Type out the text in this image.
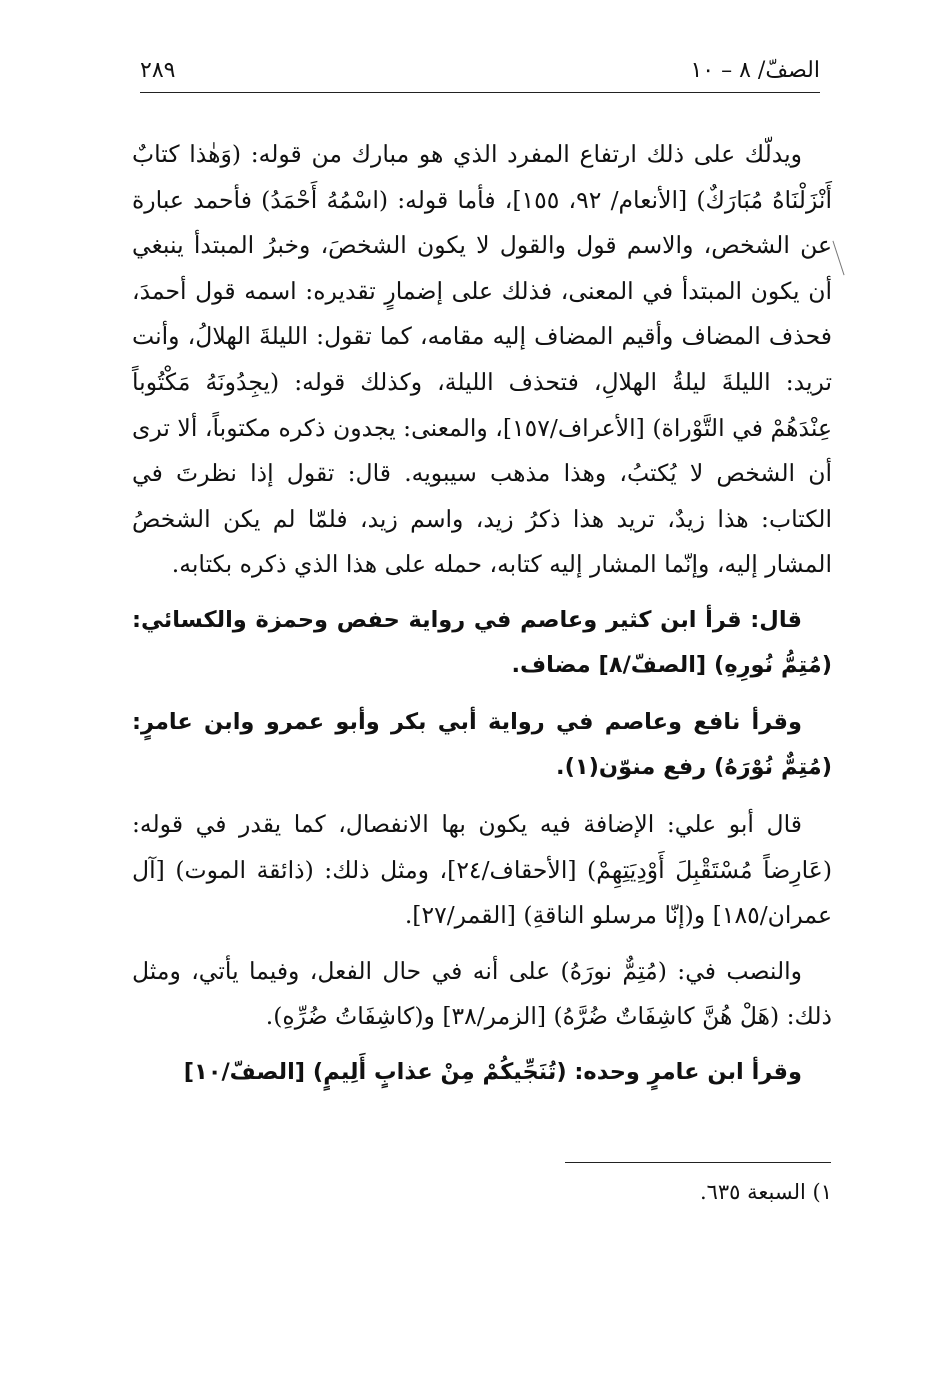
الصفّ/ ٨ – ١٠
٢٨٩

ويدلّك على ذلك ارتفاع المفرد الذي هو مبارك من قوله: (وَهٰذا كتابٌ أَنْزَلْنَاهُ مُبَارَكٌ) [الأنعام/ ٩٢، ١٥٥]، فأما قوله: (اسْمُهُ أَحْمَدُ) فأحمد عبارة عن الشخص، والاسم قول والقول لا يكون الشخصَ، وخبرُ المبتدأ ينبغي أن يكون المبتدأ في المعنى، فذلك على إضمارٍ تقديره: اسمه قول أحمدَ، فحذف المضاف وأقيم المضاف إليه مقامه، كما تقول: الليلةَ الهلالُ، وأنت تريد: الليلةَ ليلةُ الهلالِ، فتحذف الليلة، وكذلك قوله: (يجِدُونَهُ مَكْتُوباً عِنْدَهُمْ في التَّوْراة) [الأعراف/١٥٧]، والمعنى: يجدون ذكره مكتوباً، ألا ترى أن الشخص لا يُكتبُ، وهذا مذهب سيبويه. قال: تقول إذا نظرتَ في الكتاب: هذا زيدٌ، تريد هذا ذكرُ زيد، واسم زيد، فلمّا لم يكن الشخصُ المشار إليه، وإنّما المشار إليه كتابه، حمله على هذا الذي ذكره بكتابه.

قال: قرأ ابن كثير وعاصم في رواية حفص وحمزة والكسائي: (مُتِمُّ نُورِهِ) [الصفّ/٨] مضاف.

وقرأ نافع وعاصم في رواية أبي بكر وأبو عمرو وابن عامرٍ: (مُتِمٌّ نُوْرَهُ) رفع منوّن(١).

قال أبو علي: الإضافة فيه يكون بها الانفصال، كما يقدر في قوله: (عَارِضاً مُسْتَقْبِلَ أَوْدِيَتِهِمْ) [الأحقاف/٢٤]، ومثل ذلك: (ذائقة الموت) [آل عمران/١٨٥] و(إنّا مرسلو الناقةِ) [القمر/٢٧].

والنصب في: (مُتِمٌّ نورَهُ) على أنه في حال الفعل، وفيما يأتي، ومثل ذلك: (هَلْ هُنَّ كاشِفَاتٌ ضُرَّهُ) [الزمر/٣٨] و(كاشِفَاتُ ضُرِّهِ).

وقرأ ابن عامرٍ وحده: (تُنَجِّيكُمْ مِنْ عذابٍ أَلِيمٍ) [الصفّ/١٠]

١) السبعة ٦٣٥.
